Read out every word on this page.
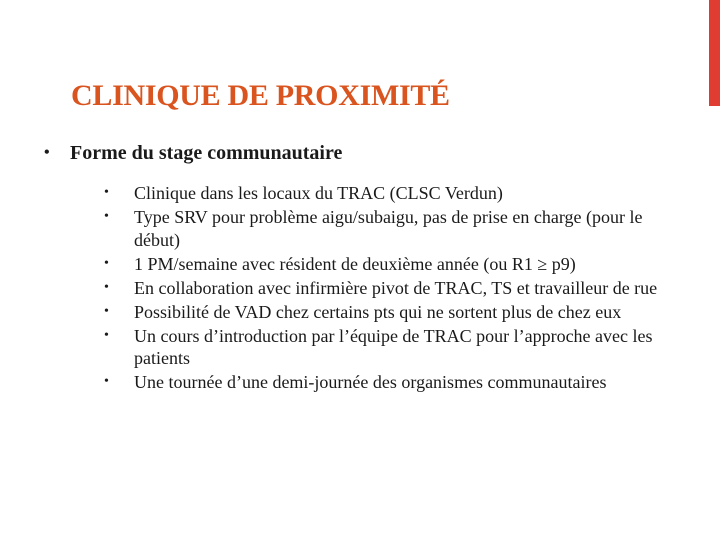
CLINIQUE DE PROXIMITÉ
• Forme du stage communautaire
• Clinique dans les locaux du TRAC (CLSC Verdun)
• Type SRV pour problème aigu/subaigu, pas de prise en charge (pour le début)
• 1 PM/semaine avec résident de deuxième année (ou R1 ≥ p9)
• En collaboration avec infirmière pivot de TRAC, TS et travailleur de rue
• Possibilité de VAD chez certains pts qui ne sortent plus de chez eux
• Un cours d’introduction par l’équipe de TRAC pour l’approche avec les patients
• Une tournée d’une demi-journée des organismes communautaires
